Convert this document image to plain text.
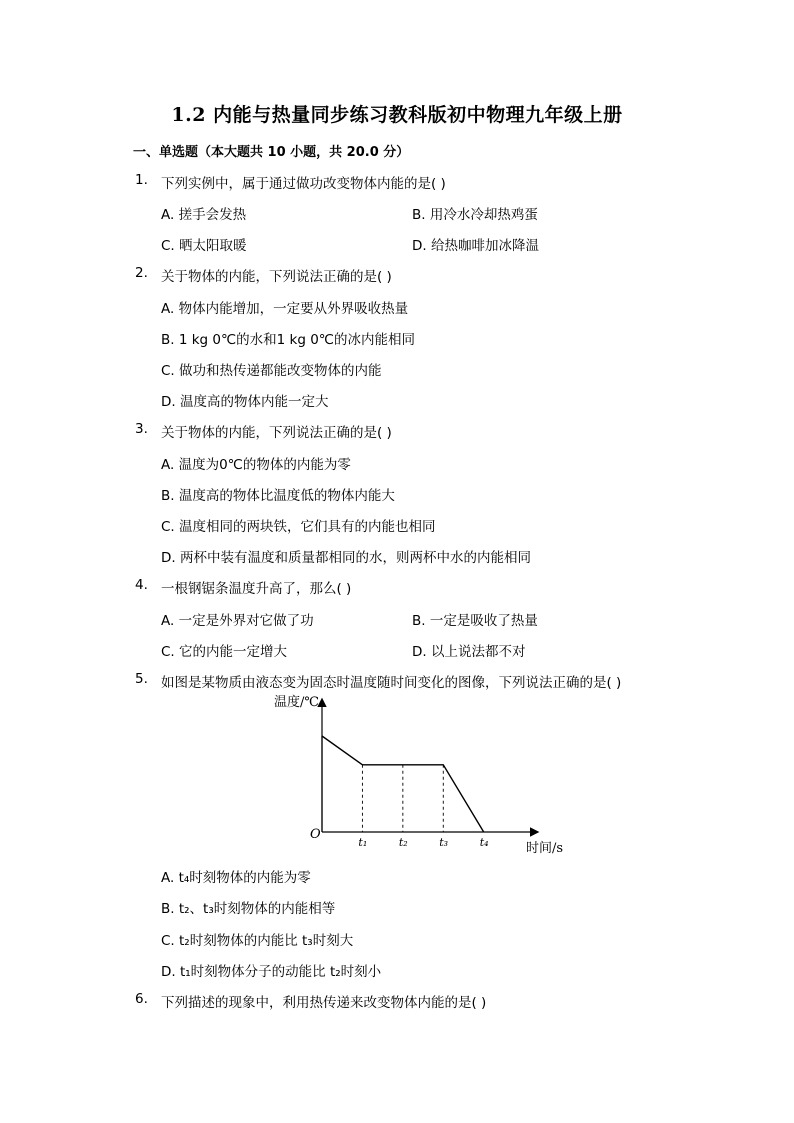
1.2 内能与热量同步练习教科版初中物理九年级上册
一、单选题（本大题共 10 小题，共 20.0 分）
1. 下列实例中，属于通过做功改变物体内能的是( )
A. 搓手会发热	B. 用冷水冷却热鸡蛋
C. 晒太阳取暖	D. 给热咖啡加冰降温
2. 关于物体的内能，下列说法正确的是( )
A. 物体内能增加，一定要从外界吸收热量
B. 1 kg 0℃的水和1 kg 0℃的冰内能相同
C. 做功和热传递都能改变物体的内能
D. 温度高的物体内能一定大
3. 关于物体的内能，下列说法正确的是( )
A. 温度为0℃的物体的内能为零
B. 温度高的物体比温度低的物体内能大
C. 温度相同的两块铁，它们具有的内能也相同
D. 两杯中装有温度和质量都相同的水，则两杯中水的内能相同
4. 一根钢锯条温度升高了，那么( )
A. 一定是外界对它做了功	B. 一定是吸收了热量
C. 它的内能一定增大	D. 以上说法都不对
5. 如图是某物质由液态变为固态时温度随时间变化的图像，下列说法正确的是( )
温度/℃
时间/s
O
t₁	t₂	t₃	t₄
A. t₄时刻物体的内能为零
B. t₂、t₃时刻物体的内能相等
C. t₂时刻物体的内能比 t₃时刻大
D. t₁时刻物体分子的动能比 t₂时刻小
6. 下列描述的现象中，利用热传递来改变物体内能的是( )
